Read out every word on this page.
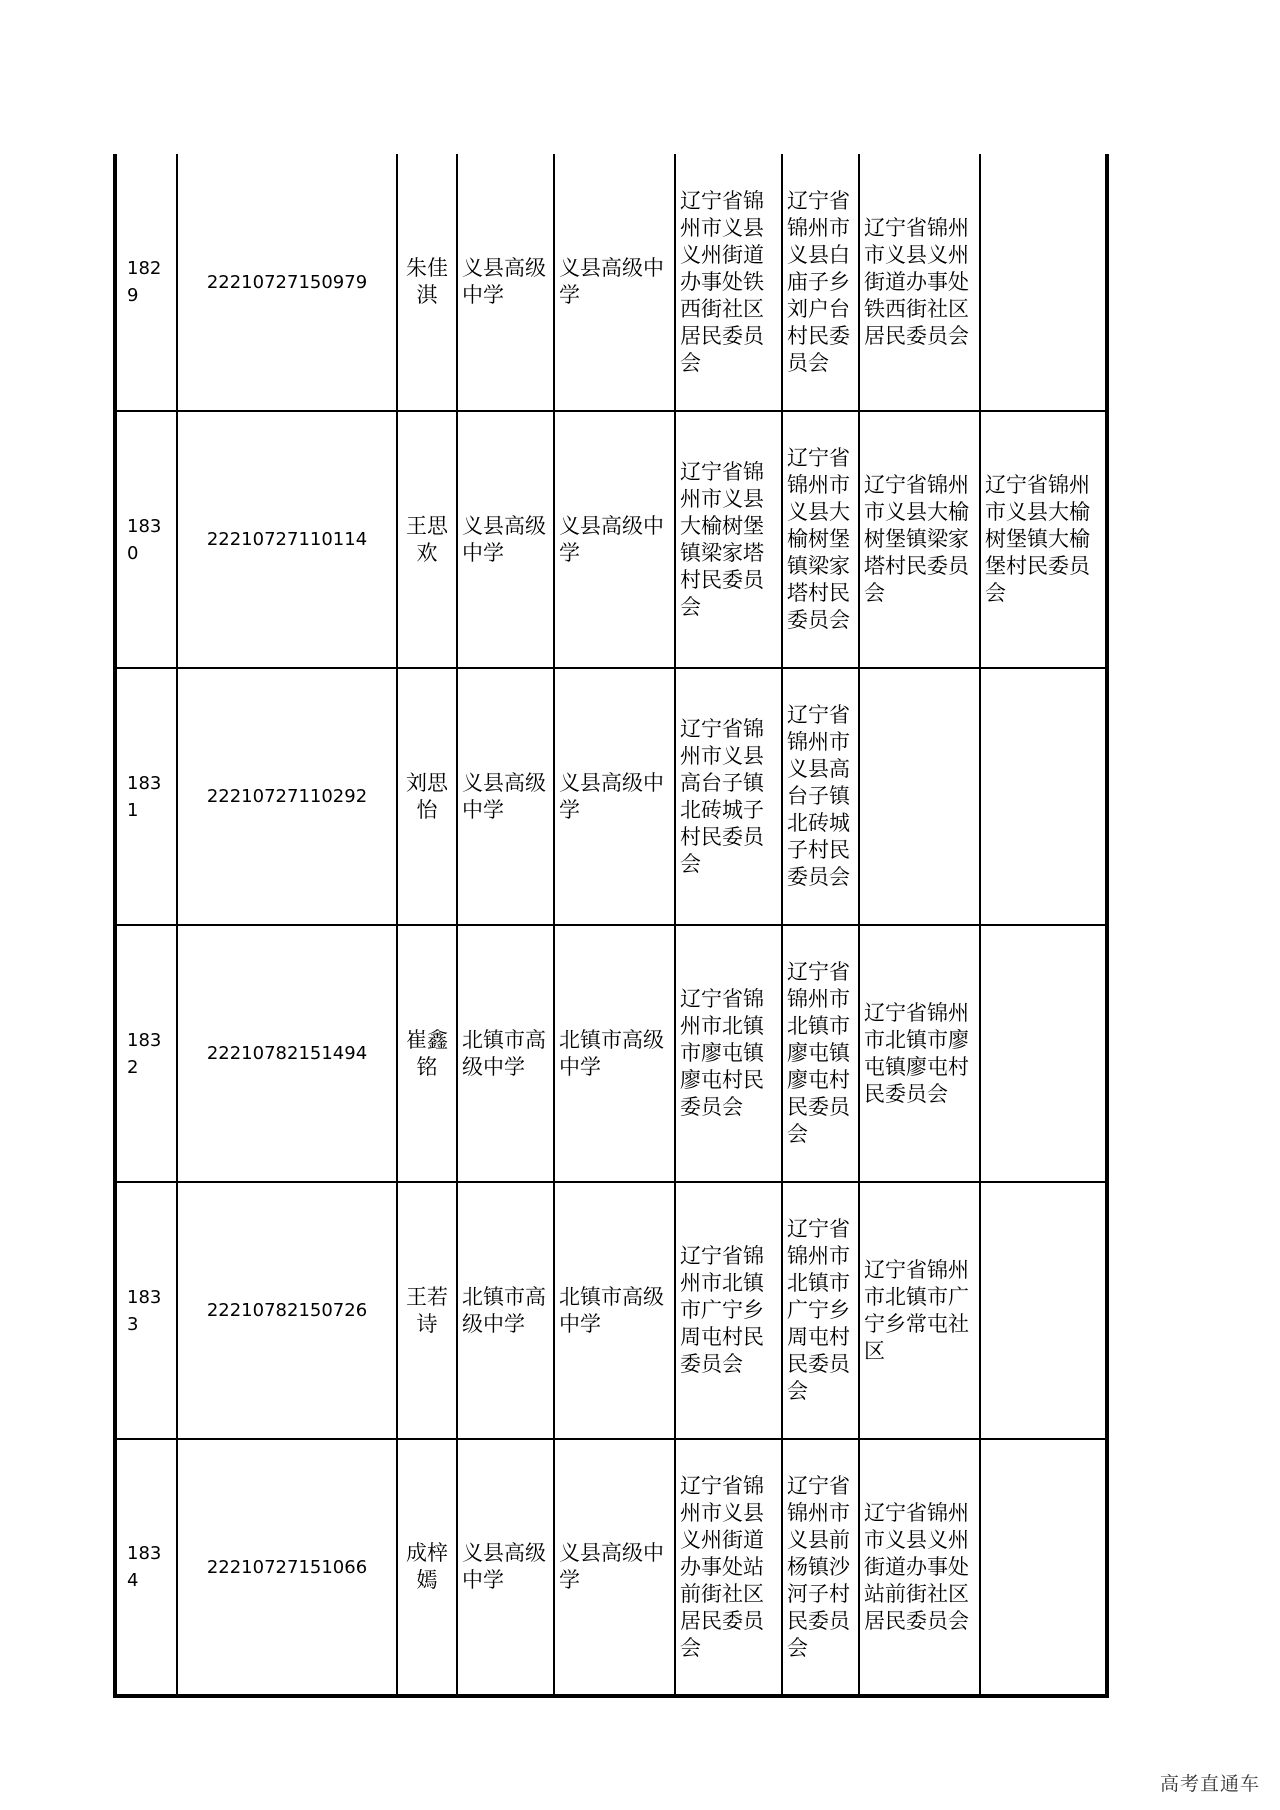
1829	22210727150979	朱佳淇	义县高级中学	义县高级中学	辽宁省锦州市义县义州街道办事处铁西街社区居民委员会	辽宁省锦州市义县白庙子乡刘户台村民委员会	辽宁省锦州市义县义州街道办事处铁西街社区居民委员会	
1830	22210727110114	王思欢	义县高级中学	义县高级中学	辽宁省锦州市义县大榆树堡镇梁家塔村民委员会	辽宁省锦州市义县大榆树堡镇梁家塔村民委员会	辽宁省锦州市义县大榆树堡镇梁家塔村民委员会	辽宁省锦州市义县大榆树堡镇大榆堡村民委员会
1831	22210727110292	刘思怡	义县高级中学	义县高级中学	辽宁省锦州市义县高台子镇北砖城子村民委员会	辽宁省锦州市义县高台子镇北砖城子村民委员会		
1832	22210782151494	崔鑫铭	北镇市高级中学	北镇市高级中学	辽宁省锦州市北镇市廖屯镇廖屯村民委员会	辽宁省锦州市北镇市廖屯镇廖屯村民委员会	辽宁省锦州市北镇市廖屯镇廖屯村民委员会	
1833	22210782150726	王若诗	北镇市高级中学	北镇市高级中学	辽宁省锦州市北镇市广宁乡周屯村民委员会	辽宁省锦州市北镇市广宁乡周屯村民委员会	辽宁省锦州市北镇市广宁乡常屯社区	
1834	22210727151066	成梓嫣	义县高级中学	义县高级中学	辽宁省锦州市义县义州街道办事处站前街社区居民委员会	辽宁省锦州市义县前杨镇沙河子村民委员会	辽宁省锦州市义县义州街道办事处站前街社区居民委员会	
高考直通车
